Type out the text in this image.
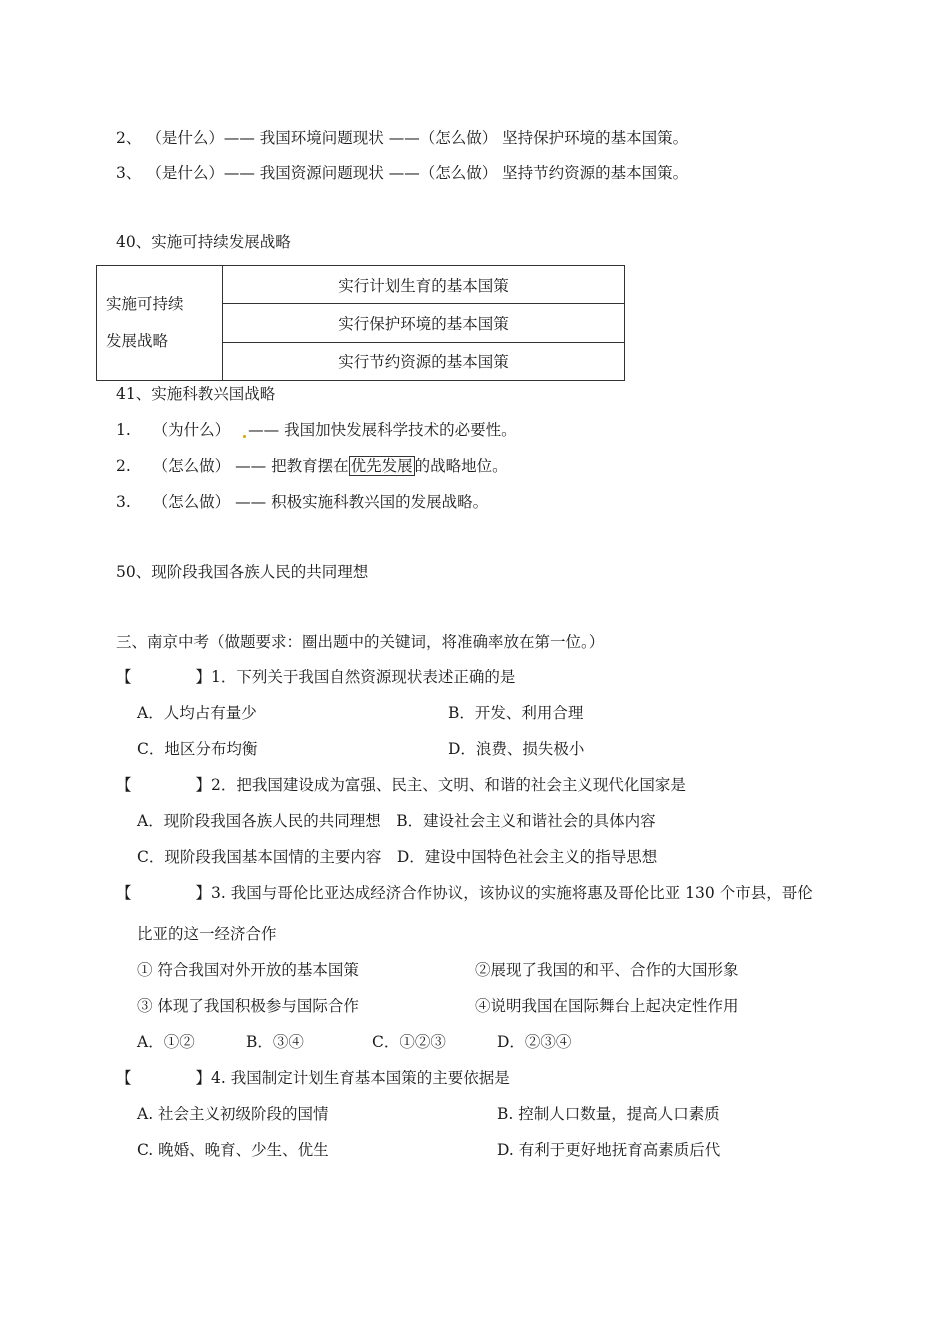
2、 （是什么）—— 我国环境问题现状 ——（怎么做） 坚持保护环境的基本国策。
3、 （是什么）—— 我国资源问题现状 ——（怎么做） 坚持节约资源的基本国策。
40、实施可持续发展战略
实施可持续
发展战略
	实行计划生育的基本国策
实行保护环境的基本国策
实行节约资源的基本国策
41、实施科教兴国战略
1. （为什么） —— 我国加快发展科学技术的必要性。
2. （怎么做） —— 把教育摆在 优先发展 的战略地位。
3. （怎么做） —— 积极实施科教兴国的发展战略。
50、现阶段我国各族人民的共同理想
三、南京中考（做题要求：圈出题中的关键词，将准确率放在第一位。）
【	】1．下列关于我国自然资源现状表述正确的是
A．人均占有量少	B．开发、利用合理
C．地区分布均衡	D．浪费、损失极小
【	】2．把我国建设成为富强、民主、文明、和谐的社会主义现代化国家是
A．现阶段我国各族人民的共同理想　B．建设社会主义和谐社会的具体内容
C．现阶段我国基本国情的主要内容　D．建设中国特色社会主义的指导思想
【	】3. 我国与哥伦比亚达成经济合作协议，该协议的实施将惠及哥伦比亚 130 个市县，哥伦
比亚的这一经济合作
① 符合我国对外开放的基本国策	②展现了我国的和平、合作的大国形象
③ 体现了我国积极参与国际合作	④说明我国在国际舞台上起决定性作用
A．①②	B．③④	C．①②③	D．②③④
【	】4. 我国制定计划生育基本国策的主要依据是
A. 社会主义初级阶段的国情	B. 控制人口数量，提高人口素质
C. 晚婚、晚育、少生、优生	D. 有利于更好地抚育高素质后代
